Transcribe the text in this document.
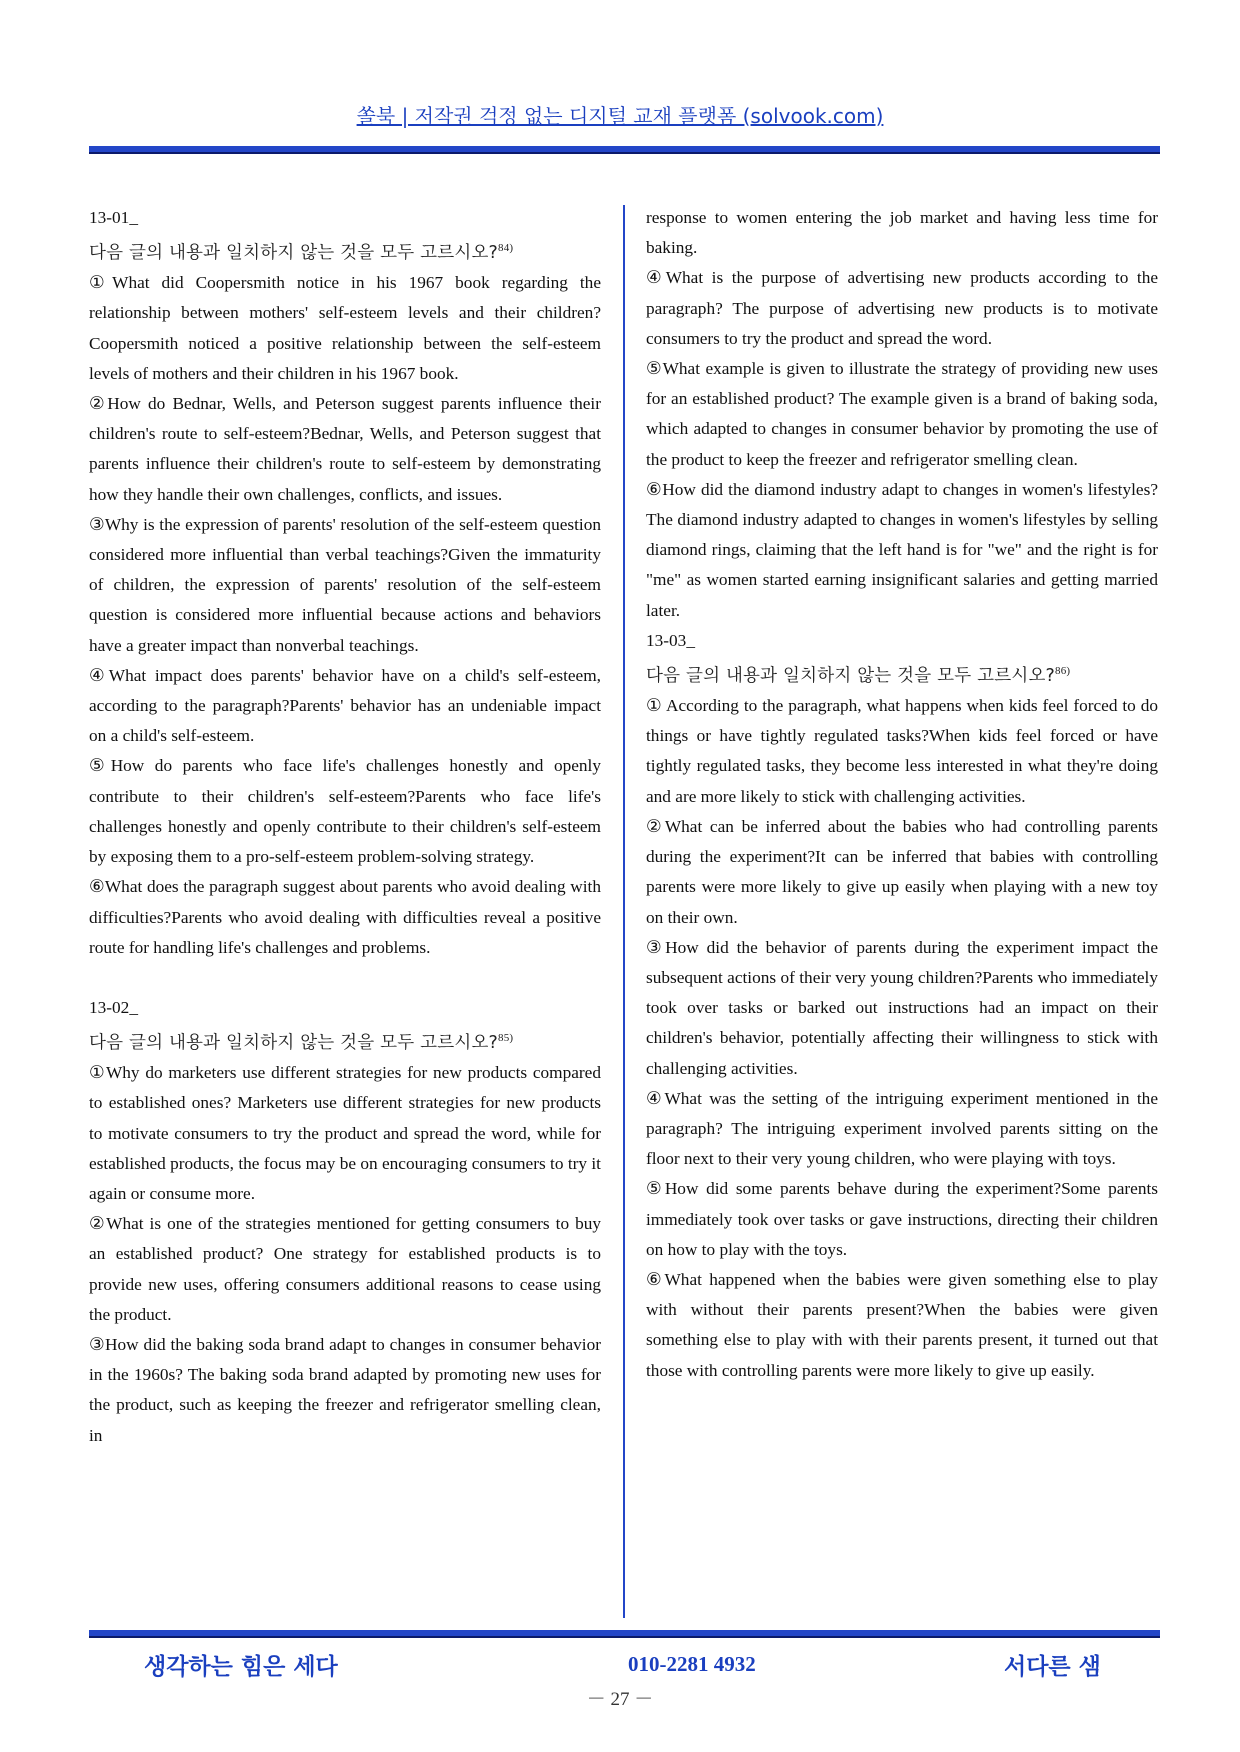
쏠북 | 저작권 걱정 없는 디지털 교재 플랫폼 (solvook.com)

13-01_

다음 글의 내용과 일치하지 않는 것을 모두 고르시오?$^{84)}$

①What did Coopersmith notice in his 1967 book regarding the relationship between mothers' self-esteem levels and their children?Coopersmith noticed a positive relationship between the self-esteem levels of mothers and their children in his 1967 book.

②How do Bednar, Wells, and Peterson suggest parents influence their children's route to self-esteem?Bednar, Wells, and Peterson suggest that parents influence their children's route to self-esteem by demonstrating how they handle their own challenges, conflicts, and issues.

③Why is the expression of parents' resolution of the self-esteem question considered more influential than verbal teachings?Given the immaturity of children, the expression of parents' resolution of the self-esteem question is considered more influential because actions and behaviors have a greater impact than nonverbal teachings.

④What impact does parents' behavior have on a child's self-esteem, according to the paragraph?Parents' behavior has an undeniable impact on a child's self-esteem.

⑤How do parents who face life's challenges honestly and openly contribute to their children's self-esteem?Parents who face life's challenges honestly and openly contribute to their children's self-esteem by exposing them to a pro-self-esteem problem-solving strategy.

⑥What does the paragraph suggest about parents who avoid dealing with difficulties?Parents who avoid dealing with difficulties reveal a positive route for handling life's challenges and problems.

13-02_

다음 글의 내용과 일치하지 않는 것을 모두 고르시오?$^{85)}$

①Why do marketers use different strategies for new products compared to established ones? Marketers use different strategies for new products to motivate consumers to try the product and spread the word, while for established products, the focus may be on encouraging consumers to try it again or consume more.

②What is one of the strategies mentioned for getting consumers to buy an established product? One strategy for established products is to provide new uses, offering consumers additional reasons to cease using the product.

③How did the baking soda brand adapt to changes in consumer behavior in the 1960s? The baking soda brand adapted by promoting new uses for the product, such as keeping the freezer and refrigerator smelling clean, in

response to women entering the job market and having less time for baking.

④What is the purpose of advertising new products according to the paragraph? The purpose of advertising new products is to motivate consumers to try the product and spread the word.

⑤What example is given to illustrate the strategy of providing new uses for an established product? The example given is a brand of baking soda, which adapted to changes in consumer behavior by promoting the use of the product to keep the freezer and refrigerator smelling clean.

⑥How did the diamond industry adapt to changes in women's lifestyles? The diamond industry adapted to changes in women's lifestyles by selling diamond rings, claiming that the left hand is for "we" and the right is for "me" as women started earning insignificant salaries and getting married later.

13-03_

다음 글의 내용과 일치하지 않는 것을 모두 고르시오?$^{86)}$

① According to the paragraph, what happens when kids feel forced to do things or have tightly regulated tasks?When kids feel forced or have tightly regulated tasks, they become less interested in what they're doing and are more likely to stick with challenging activities.

②What can be inferred about the babies who had controlling parents during the experiment?It can be inferred that babies with controlling parents were more likely to give up easily when playing with a new toy on their own.

③How did the behavior of parents during the experiment impact the subsequent actions of their very young children?Parents who immediately took over tasks or barked out instructions had an impact on their children's behavior, potentially affecting their willingness to stick with challenging activities.

④What was the setting of the intriguing experiment mentioned in the paragraph? The intriguing experiment involved parents sitting on the floor next to their very young children, who were playing with toys.

⑤How did some parents behave during the experiment?Some parents immediately took over tasks or gave instructions, directing their children on how to play with the toys.

⑥What happened when the babies were given something else to play with without their parents present?When the babies were given something else to play with with their parents present, it turned out that those with controlling parents were more likely to give up easily.

생각하는 힘은 세다	010-2281 4932	서다른 샘
－ 27 －
